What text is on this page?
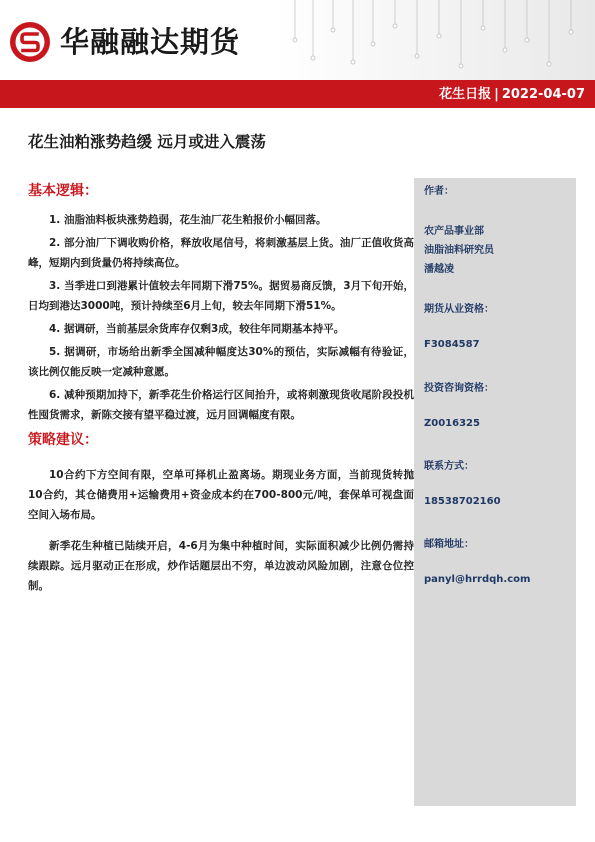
华融融达期货
花生日报 | 2022-04-07
花生油粕涨势趋缓 远月或进入震荡
基本逻辑：

1. 油脂油料板块涨势趋弱，花生油厂花生粕报价小幅回落。

2. 部分油厂下调收购价格，释放收尾信号，将刺激基层上货。油厂正值收货高峰，短期内到货量仍将持续高位。

3. 当季进口到港累计值较去年同期下滑75%。据贸易商反馈，3月下旬开始，日均到港达3000吨，预计持续至6月上旬，较去年同期下滑51%。

4. 据调研，当前基层余货库存仅剩3成，较往年同期基本持平。

5. 据调研，市场给出新季全国减种幅度达30%的预估，实际减幅有待验证，该比例仅能反映一定减种意愿。

6. 减种预期加持下，新季花生价格运行区间抬升，或将刺激现货收尾阶段投机性囤货需求，新陈交接有望平稳过渡，远月回调幅度有限。

策略建议：

10合约下方空间有限，空单可择机止盈离场。期现业务方面，当前现货转抛10合约，其仓储费用+运输费用+资金成本约在700-800元/吨，套保单可视盘面空间入场布局。

新季花生种植已陆续开启，4-6月为集中种植时间，实际面积减少比例仍需持续跟踪。远月驱动正在形成，炒作话题层出不穷，单边波动风险加剧，注意仓位控制。

作者：
农产品事业部
油脂油料研究员
潘越凌
期货从业资格：
F3084587
投资咨询资格：
Z0016325
联系方式：
18538702160
邮箱地址：
panyl@hrrdqh.com
